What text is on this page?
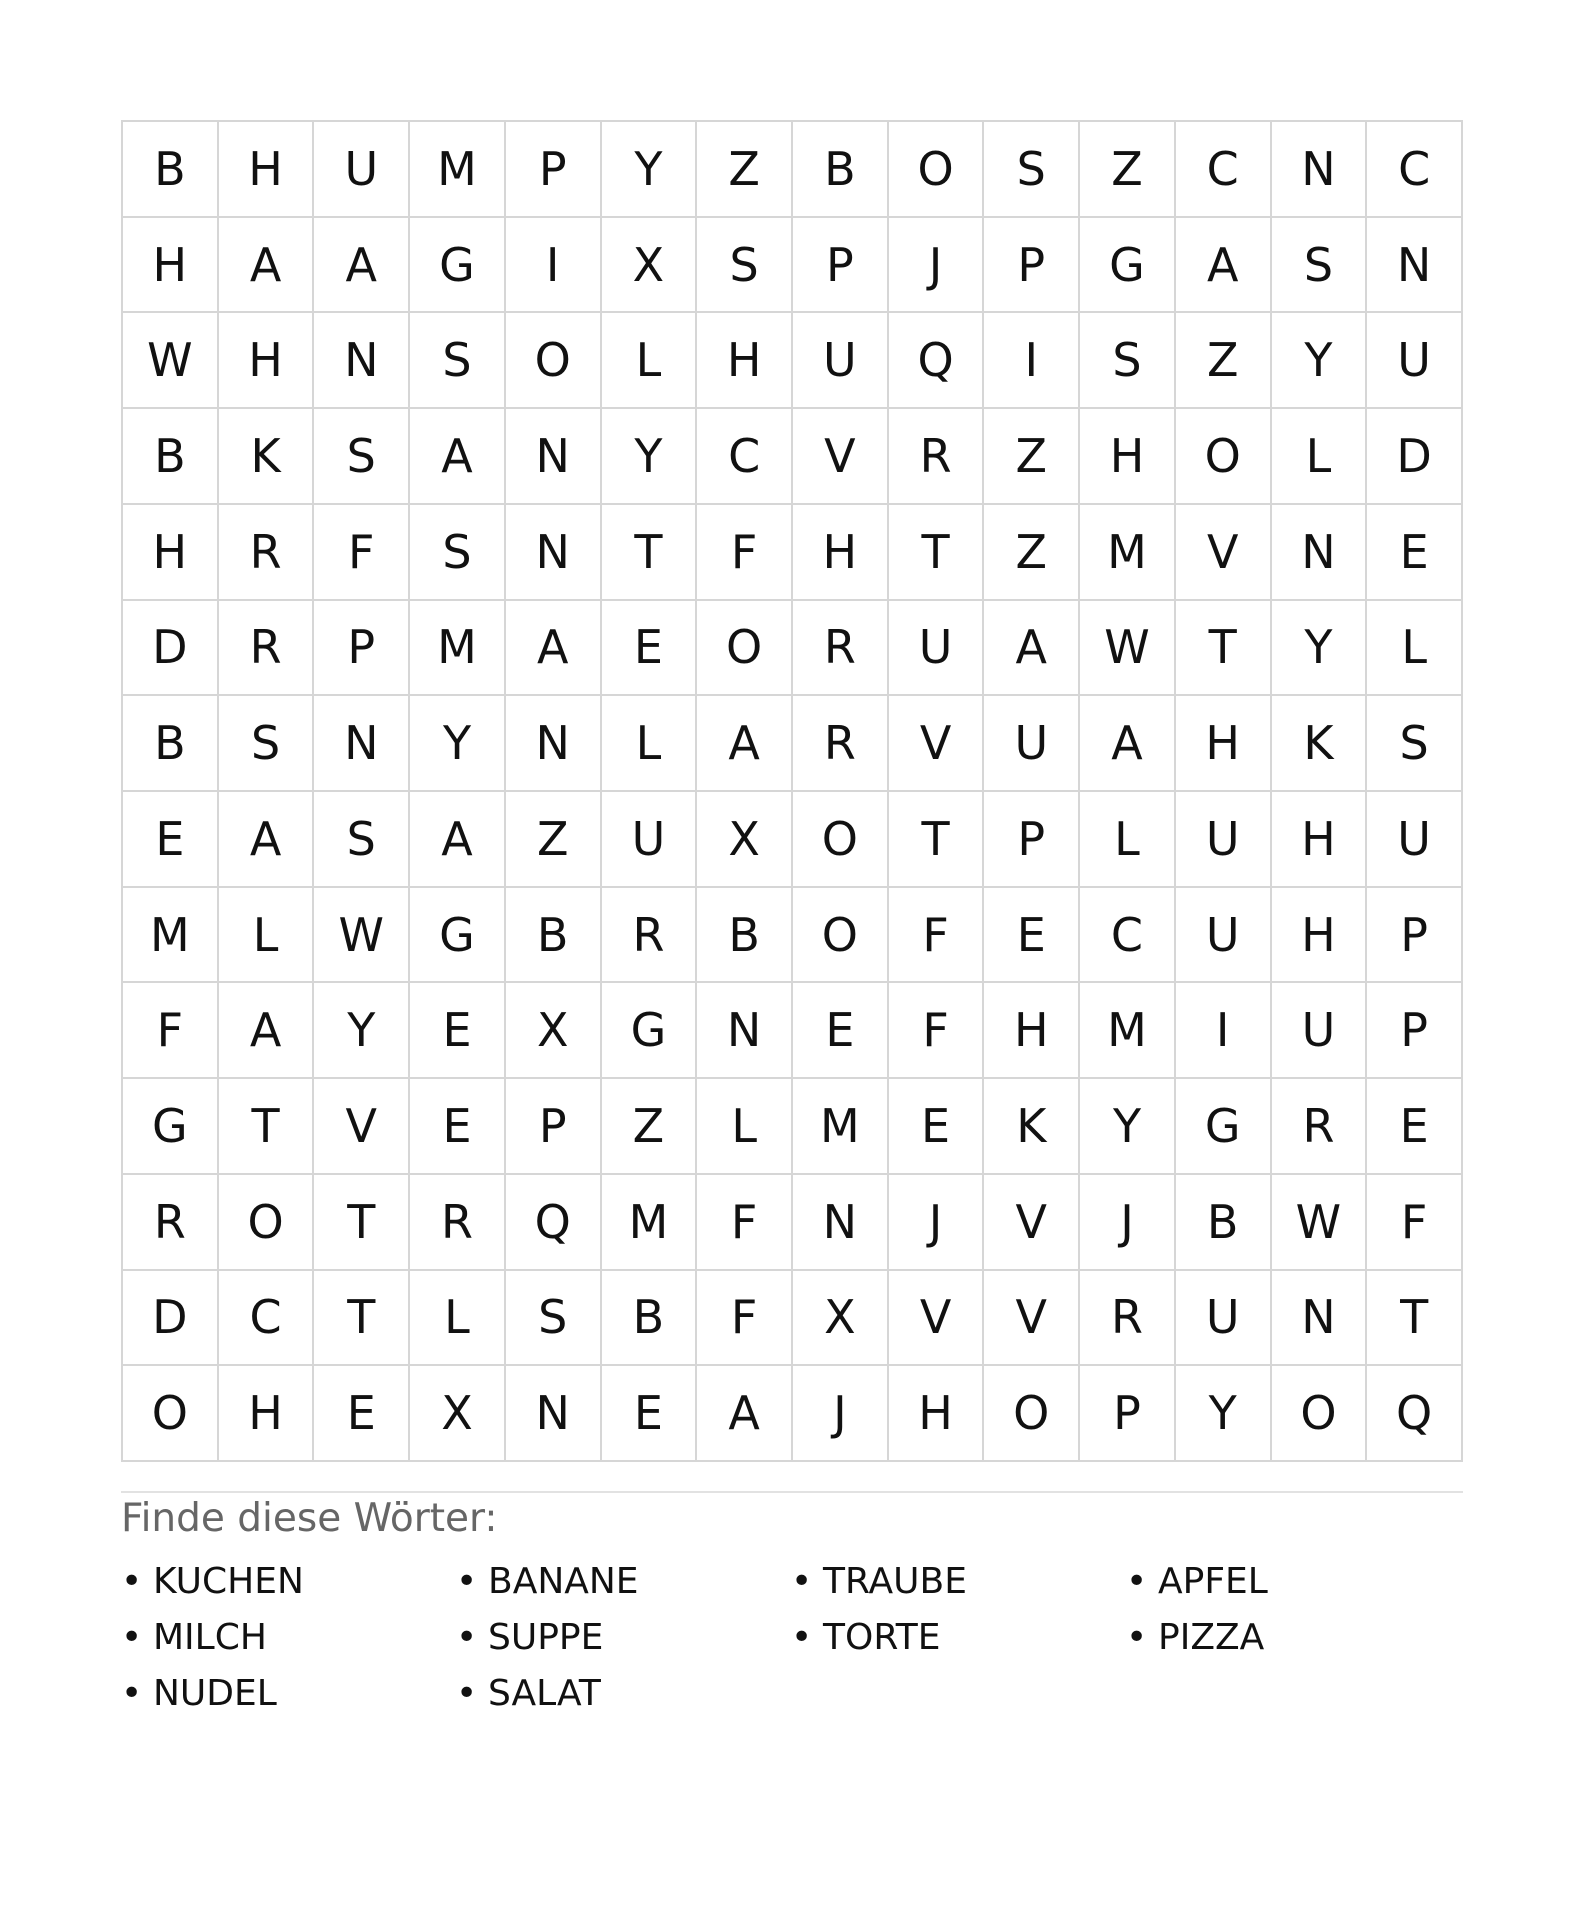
B	H	U	M	P	Y	Z	B	O	S	Z	C	N	C
H	A	A	G	I	X	S	P	J	P	G	A	S	N
W	H	N	S	O	L	H	U	Q	I	S	Z	Y	U
B	K	S	A	N	Y	C	V	R	Z	H	O	L	D
H	R	F	S	N	T	F	H	T	Z	M	V	N	E
D	R	P	M	A	E	O	R	U	A	W	T	Y	L
B	S	N	Y	N	L	A	R	V	U	A	H	K	S
E	A	S	A	Z	U	X	O	T	P	L	U	H	U
M	L	W	G	B	R	B	O	F	E	C	U	H	P
F	A	Y	E	X	G	N	E	F	H	M	I	U	P
G	T	V	E	P	Z	L	M	E	K	Y	G	R	E
R	O	T	R	Q	M	F	N	J	V	J	B	W	F
D	C	T	L	S	B	F	X	V	V	R	U	N	T
O	H	E	X	N	E	A	J	H	O	P	Y	O	Q
Finde diese Wörter:
• KUCHEN	• BANANE	• TRAUBE	• APFEL
• MILCH	• SUPPE	• TORTE	• PIZZA
• NUDEL	• SALAT
